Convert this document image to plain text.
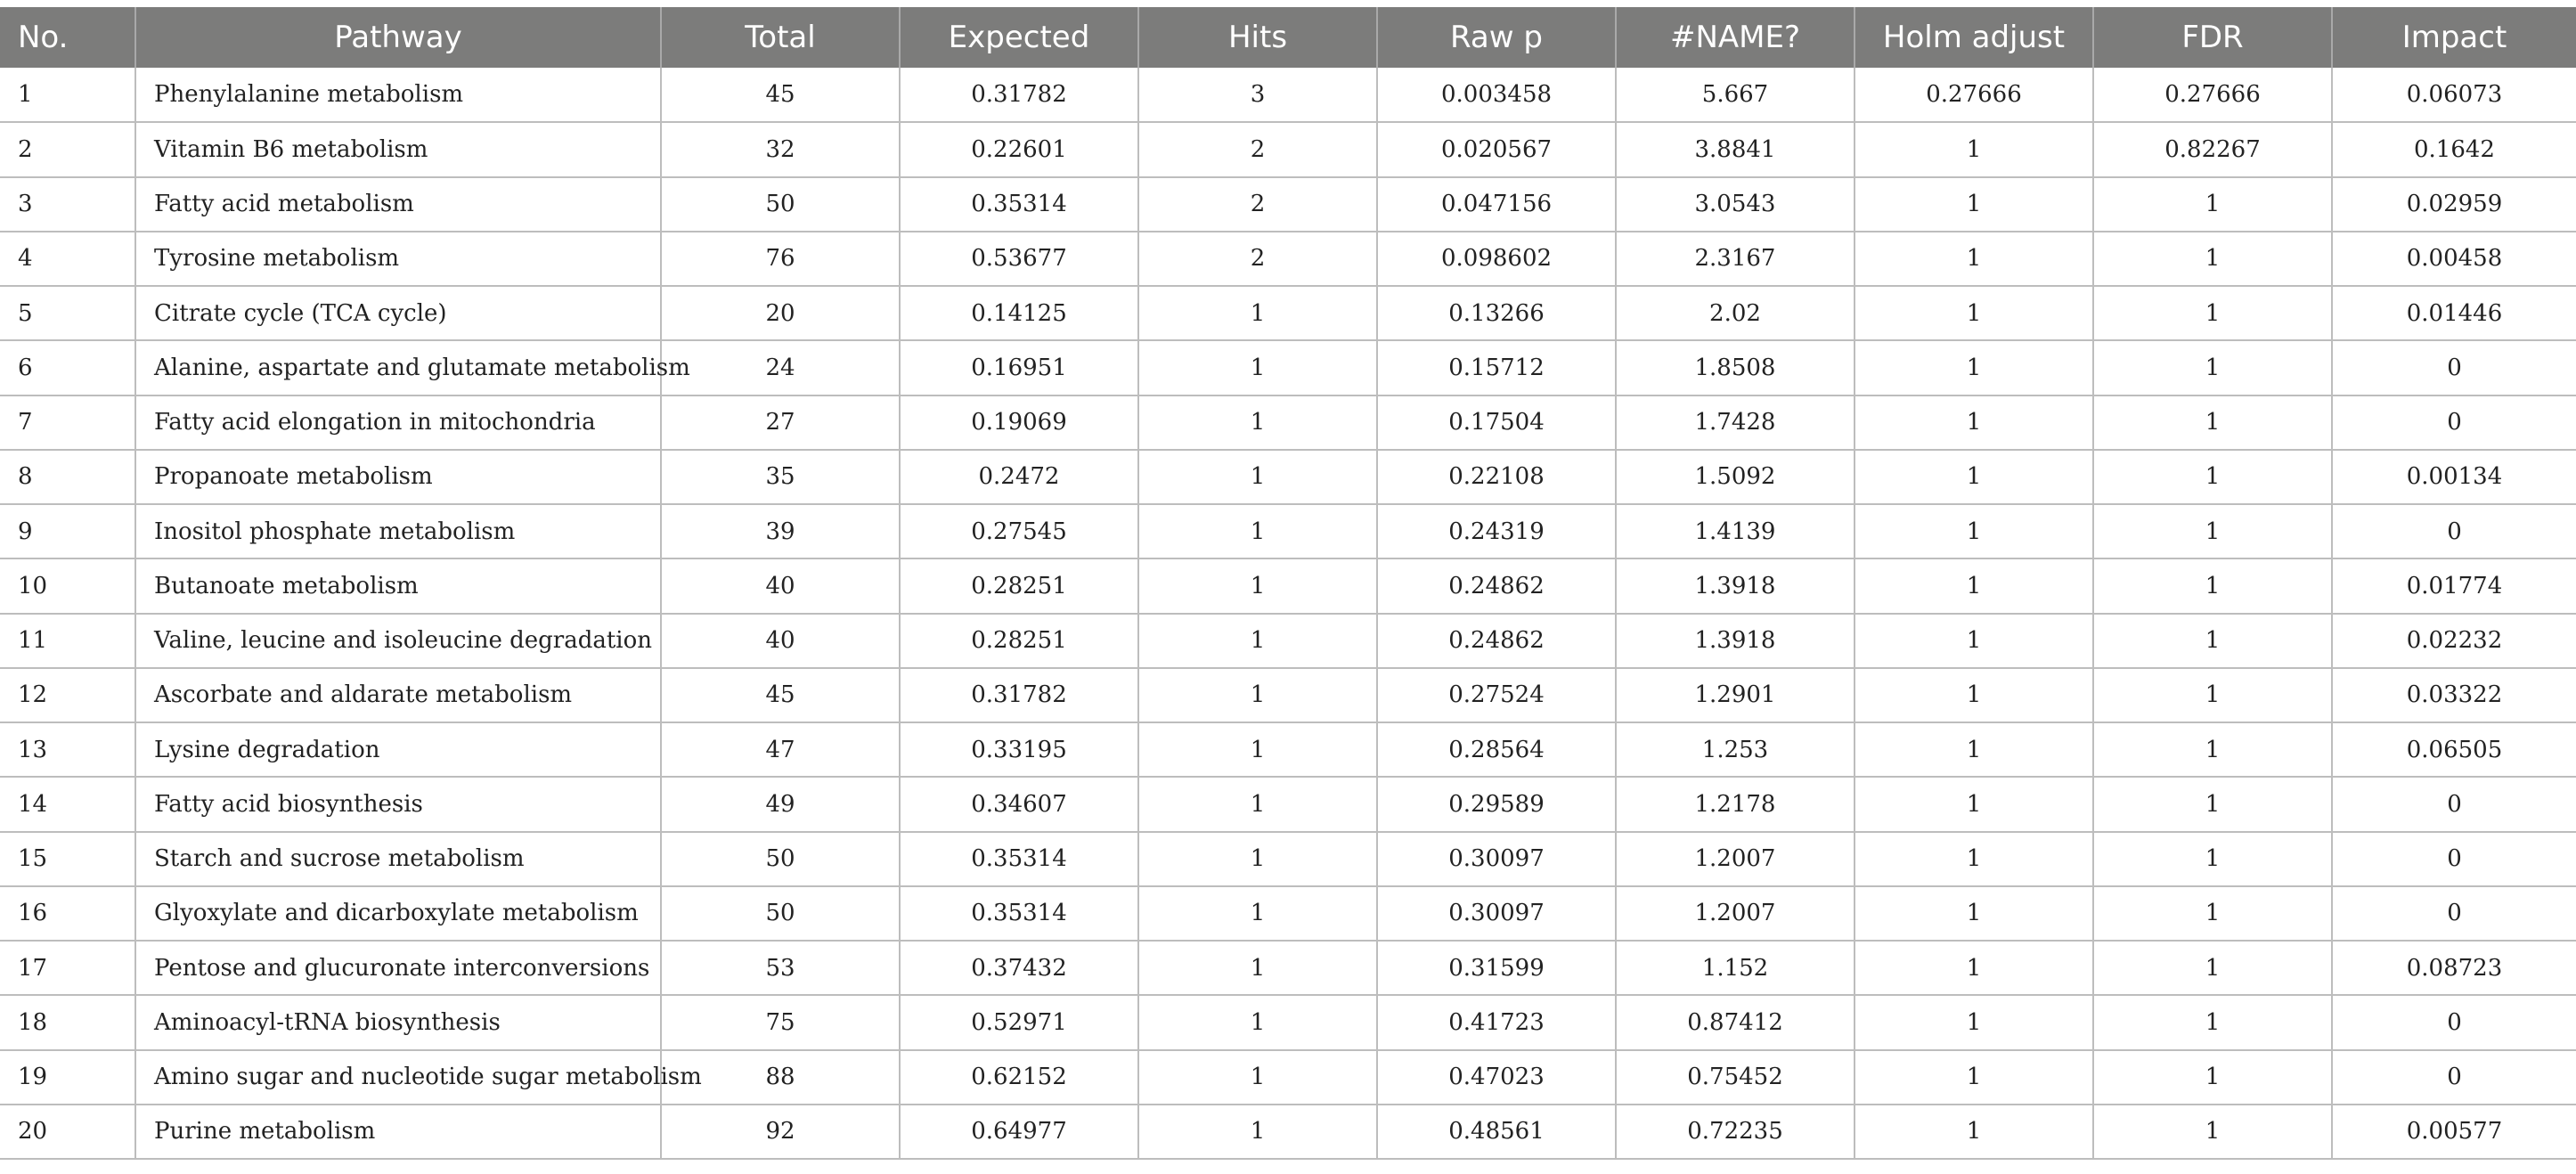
No.	Pathway	Total	Expected	Hits	Raw p	#NAME?	Holm adjust	FDR	Impact
1	Phenylalanine metabolism	45	0.31782	3	0.003458	5.667	0.27666	0.27666	0.06073
2	Vitamin B6 metabolism	32	0.22601	2	0.020567	3.8841	1	0.82267	0.1642
3	Fatty acid metabolism	50	0.35314	2	0.047156	3.0543	1	1	0.02959
4	Tyrosine metabolism	76	0.53677	2	0.098602	2.3167	1	1	0.00458
5	Citrate cycle (TCA cycle)	20	0.14125	1	0.13266	2.02	1	1	0.01446
6	Alanine, aspartate and glutamate metabolism	24	0.16951	1	0.15712	1.8508	1	1	0
7	Fatty acid elongation in mitochondria	27	0.19069	1	0.17504	1.7428	1	1	0
8	Propanoate metabolism	35	0.2472	1	0.22108	1.5092	1	1	0.00134
9	Inositol phosphate metabolism	39	0.27545	1	0.24319	1.4139	1	1	0
10	Butanoate metabolism	40	0.28251	1	0.24862	1.3918	1	1	0.01774
11	Valine, leucine and isoleucine degradation	40	0.28251	1	0.24862	1.3918	1	1	0.02232
12	Ascorbate and aldarate metabolism	45	0.31782	1	0.27524	1.2901	1	1	0.03322
13	Lysine degradation	47	0.33195	1	0.28564	1.253	1	1	0.06505
14	Fatty acid biosynthesis	49	0.34607	1	0.29589	1.2178	1	1	0
15	Starch and sucrose metabolism	50	0.35314	1	0.30097	1.2007	1	1	0
16	Glyoxylate and dicarboxylate metabolism	50	0.35314	1	0.30097	1.2007	1	1	0
17	Pentose and glucuronate interconversions	53	0.37432	1	0.31599	1.152	1	1	0.08723
18	Aminoacyl-tRNA biosynthesis	75	0.52971	1	0.41723	0.87412	1	1	0
19	Amino sugar and nucleotide sugar metabolism	88	0.62152	1	0.47023	0.75452	1	1	0
20	Purine metabolism	92	0.64977	1	0.48561	0.72235	1	1	0.00577
